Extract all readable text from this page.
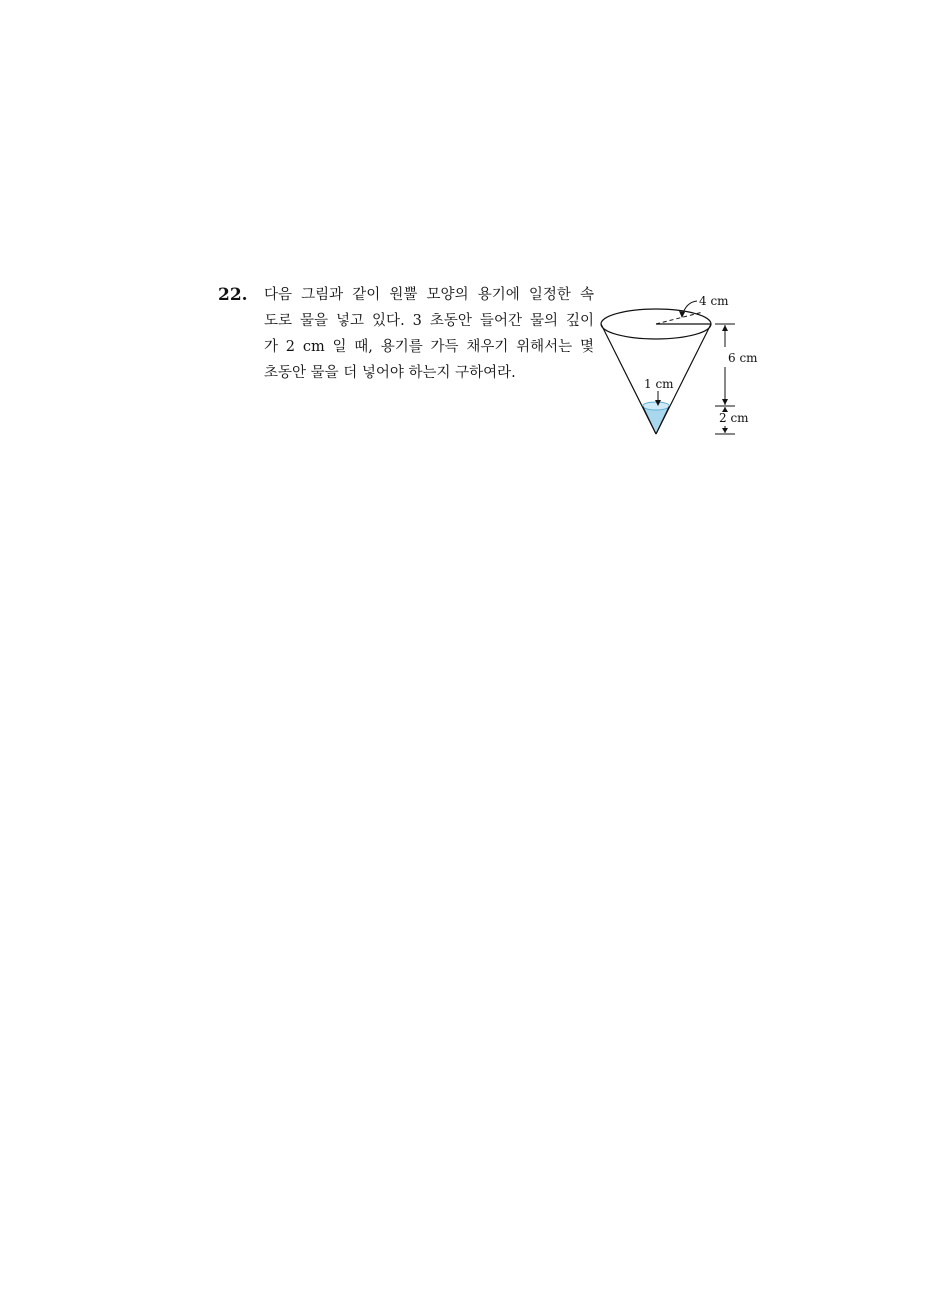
22. 다음 그림과 같이 원뿔 모양의 용기에 일정한 속
도로 물을 넣고 있다. 3 초동안 들어간 물의 깊이
가 2 cm 일 때, 용기를 가득 채우기 위해서는 몇
초동안 물을 더 넣어야 하는지 구하여라.
4 cm
1 cm
6 cm
2 cm
